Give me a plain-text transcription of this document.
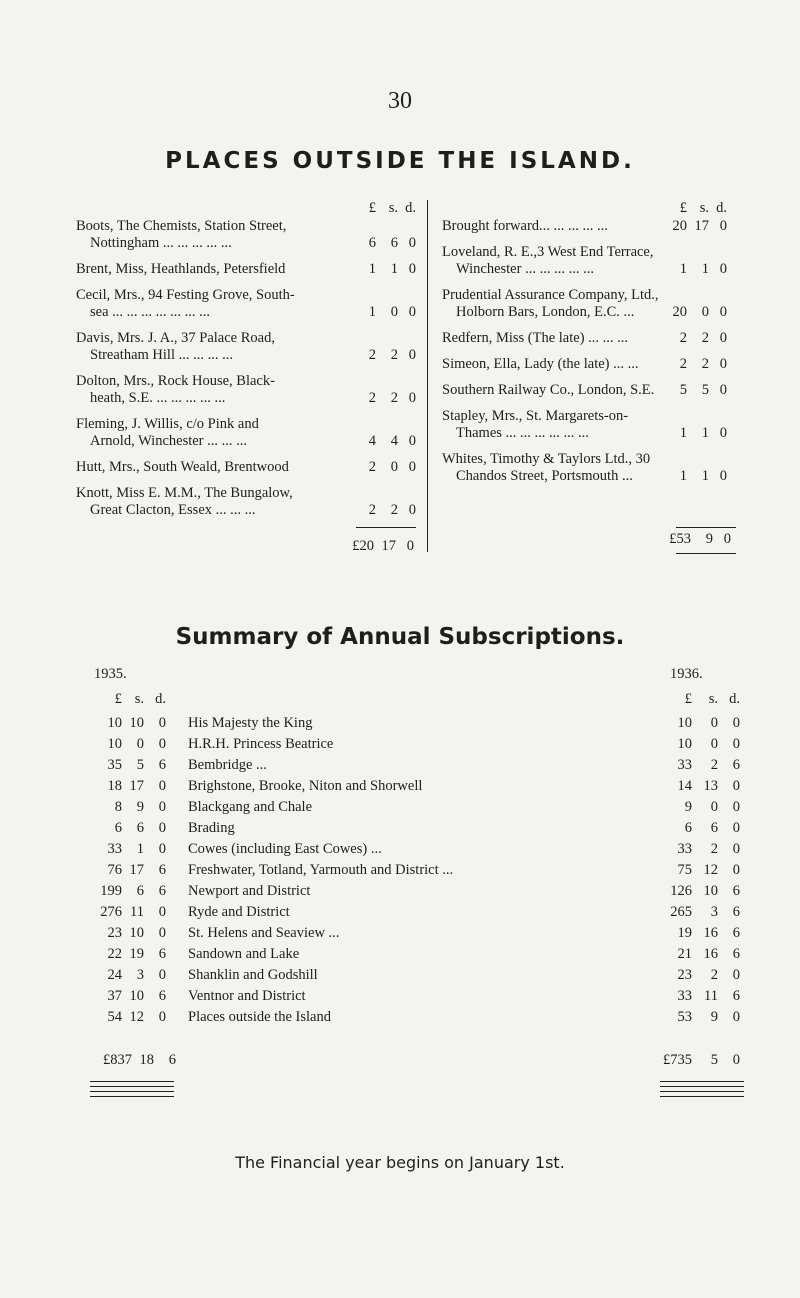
30
PLACES OUTSIDE THE ISLAND.
£ s. d.
Boots, The Chemists, Station Street,
Nottingham ... ... ... ... ...	6 6 0
Brent, Miss, Heathlands, Petersfield	1 1 0
Cecil, Mrs., 94 Festing Grove, South-
sea ... ... ... ... ... ... ...	1 0 0
Davis, Mrs. J. A., 37 Palace Road,
Streatham Hill ... ... ... ...	2 2 0
Dolton, Mrs., Rock House, Black-
heath, S.E. ... ... ... ... ...	2 2 0
Fleming, J. Willis, c/o Pink and
Arnold, Winchester ... ... ...	4 4 0
Hutt, Mrs., South Weald, Brentwood	2 0 0
Knott, Miss E. M.M., The Bungalow,
Great Clacton, Essex ... ... ...	2 2 0
£20 17 0
£ s. d.
Brought forward... ... ... ... ...	20 17 0
Loveland, R. E.,3 West End Terrace,
Winchester ... ... ... ... ...	1 1 0
Prudential Assurance Company, Ltd.,
Holborn Bars, London, E.C. ...	20 0 0
Redfern, Miss (The late) ... ... ...	2 2 0
Simeon, Ella, Lady (the late) ... ...	2 2 0
Southern Railway Co., London, S.E.	5 5 0
Stapley, Mrs., St. Margarets-on-
Thames ... ... ... ... ... ...	1 1 0
Whites, Timothy & Taylors Ltd., 30
Chandos Street, Portsmouth ...	1 1 0
£53 9 0
Summary of Annual Subscriptions.
1935.	1936.
£ s. d.	£ s. d.
10 10 0	His Majesty the King	10 0 0
10 0 0	H.R.H. Princess Beatrice	10 0 0
35 5 6	Bembridge ...	33 2 6
18 17 0	Brighstone, Brooke, Niton and Shorwell	14 13 0
8 9 0	Blackgang and Chale	9 0 0
6 6 0	Brading	6 6 0
33 1 0	Cowes (including East Cowes) ...	33 2 0
76 17 6	Freshwater, Totland, Yarmouth and District ...	75 12 0
199 6 6	Newport and District	126 10 6
276 11 0	Ryde and District	265 3 6
23 10 0	St. Helens and Seaview ...	19 16 6
22 19 6	Sandown and Lake	21 16 6
24 3 0	Shanklin and Godshill	23 2 0
37 10 6	Ventnor and District	33 11 6
54 12 0	Places outside the Island	53 9 0
£837 18 6	£735 5 0
The Financial year begins on January 1st.
